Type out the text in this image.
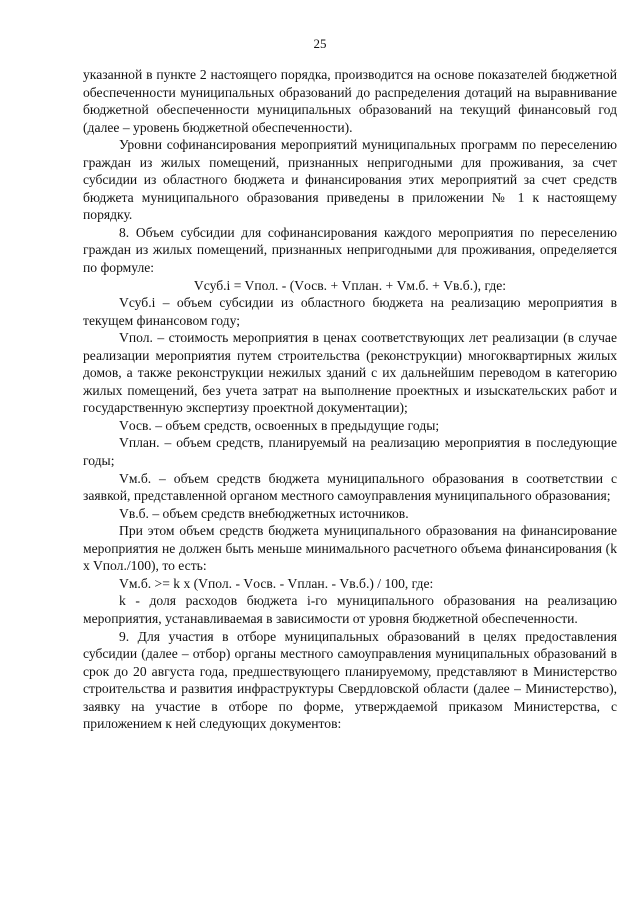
25

указанной в пункте 2 настоящего порядка, производится на основе показателей бюджетной обеспеченности муниципальных образований до распределения дотаций на выравнивание бюджетной обеспеченности муниципальных образований на текущий финансовый год (далее – уровень бюджетной обеспеченности).

Уровни софинансирования мероприятий муниципальных программ по переселению граждан из жилых помещений, признанных непригодными для проживания, за счет субсидии из областного бюджета и финансирования этих мероприятий за счет средств бюджета муниципального образования приведены в приложении № 1 к настоящему порядку.

8. Объем субсидии для софинансирования каждого мероприятия по переселению граждан из жилых помещений, признанных непригодными для проживания, определяется по формуле:

Vсуб.i = Vпол. - (Vосв. + Vплан. + Vм.б. + Vв.б.), где:

Vсуб.i – объем субсидии из областного бюджета на реализацию мероприятия в текущем финансовом году;

Vпол. – стоимость мероприятия в ценах соответствующих лет реализации (в случае реализации мероприятия путем строительства (реконструкции) многоквартирных жилых домов, а также реконструкции нежилых зданий с их дальнейшим переводом в категорию жилых помещений, без учета затрат на выполнение проектных и изыскательских работ и государственную экспертизу проектной документации);

Vосв. – объем средств, освоенных в предыдущие годы;

Vплан. – объем средств, планируемый на реализацию мероприятия в последующие годы;

Vм.б. – объем средств бюджета муниципального образования в соответствии с заявкой, представленной органом местного самоуправления муниципального образования;

Vв.б. – объем средств внебюджетных источников.

При этом объем средств бюджета муниципального образования на финансирование мероприятия не должен быть меньше минимального расчетного объема финансирования (k x Vпол./100), то есть:

Vм.б. >= k x (Vпол. - Vосв. - Vплан. - Vв.б.) / 100, где:

k - доля расходов бюджета i-го муниципального образования на реализацию мероприятия, устанавливаемая в зависимости от уровня бюджетной обеспеченности.

9. Для участия в отборе муниципальных образований в целях предоставления субсидии (далее – отбор) органы местного самоуправления муниципальных образований в срок до 20 августа года, предшествующего планируемому, представляют в Министерство строительства и развития инфраструктуры Свердловской области (далее – Министерство), заявку на участие в отборе по форме, утверждаемой приказом Министерства, с приложением к ней следующих документов:
